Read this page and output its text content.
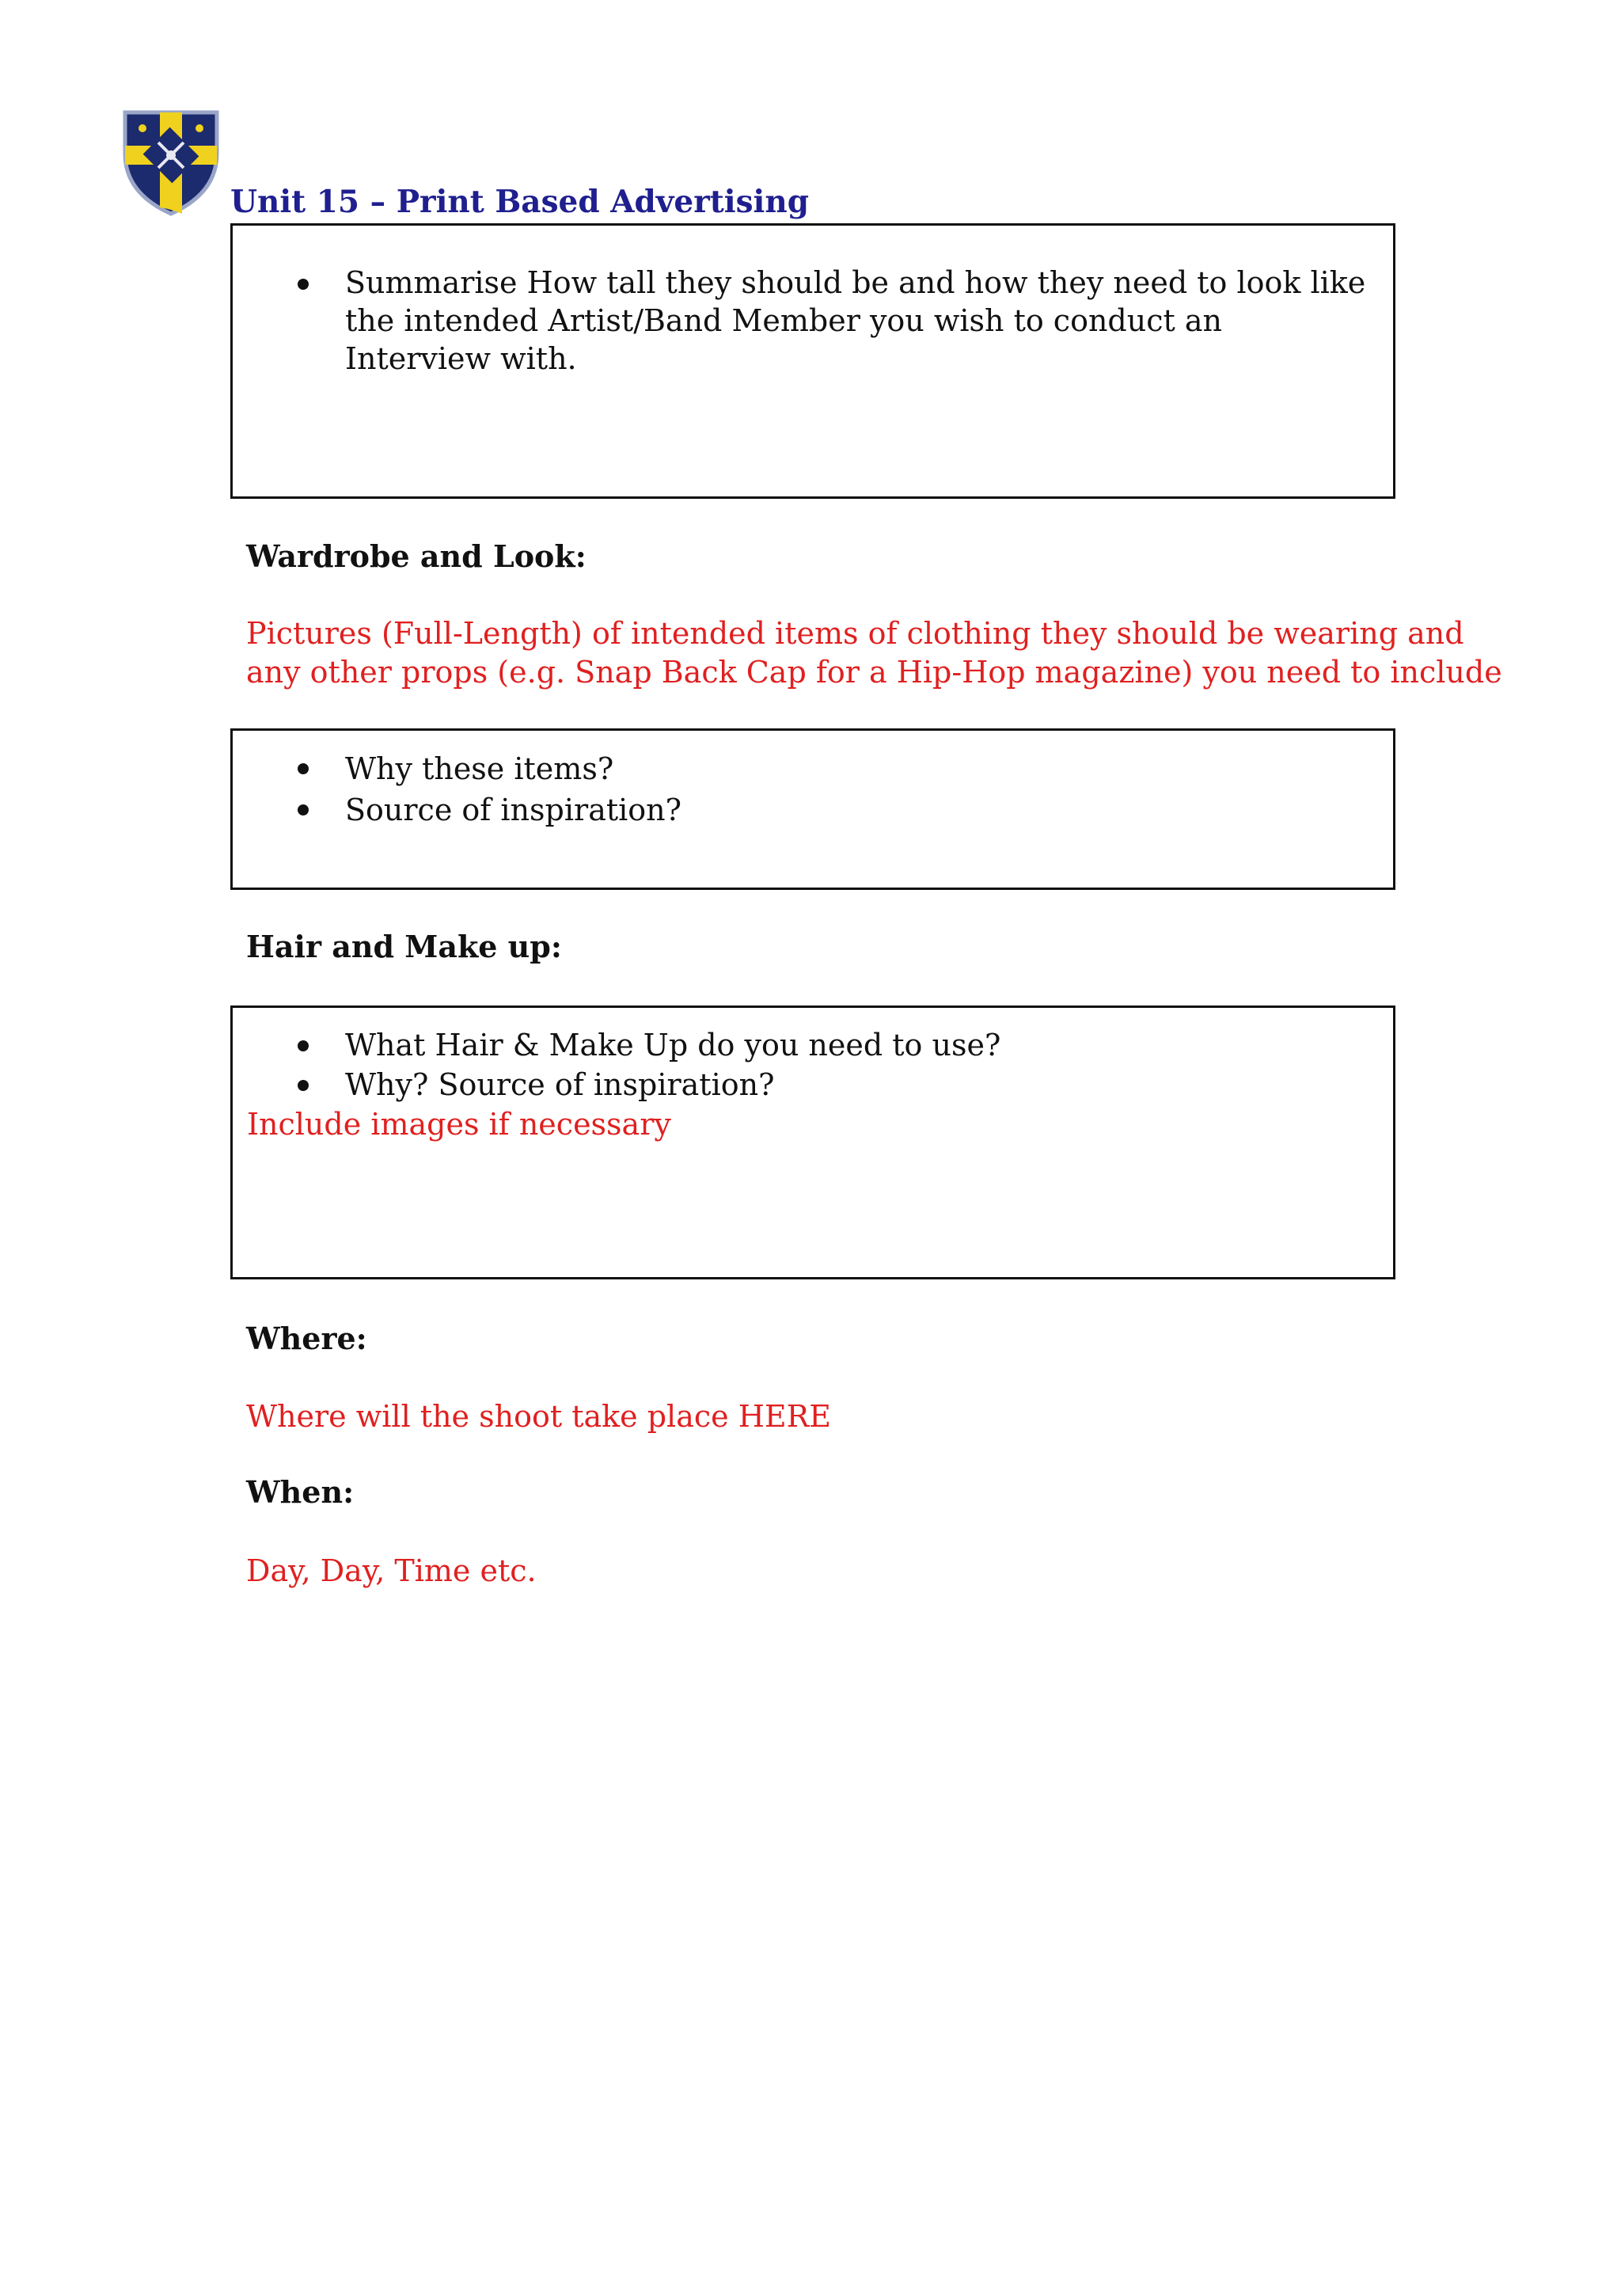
Unit 15 – Print Based Advertising
Summarise How tall they should be and how they need to look like the intended Artist/Band Member you wish to conduct an Interview with.
Wardrobe and Look:
Pictures (Full-Length) of intended items of clothing they should be wearing and
any other props (e.g. Snap Back Cap for a Hip-Hop magazine) you need to include
Why these items?
Source of inspiration?
Hair and Make up:
What Hair & Make Up do you need to use?
Why? Source of inspiration?
Include images if necessary
Where:
Where will the shoot take place HERE
When:
Day, Day, Time etc.
